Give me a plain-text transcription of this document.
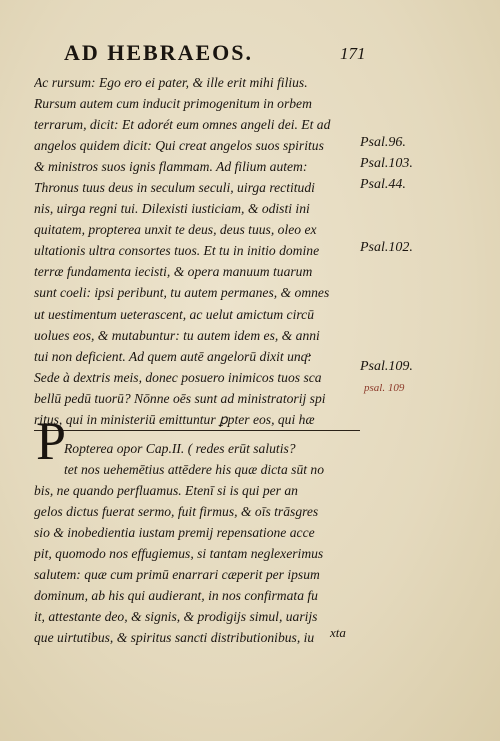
AD HEBRAEOS.	171
Ac rursum: Ego ero ei pater, & ille erit mihi filius.
Rursum autem cum inducit primogenitum in orbem
terrarum, dicit: Et adorét eum omnes angeli dei. Et ad
angelos quidem dicit: Qui creat angelos suos spiritus
& ministros suos ignis flammam. Ad filium autem:
Thronus tuus deus in seculum seculi, uirga rectitudi
nis, uirga regni tui. Dilexisti iusticiam, & odisti ini
quitatem, propterea unxit te deus, deus tuus, oleo ex
ultationis ultra consortes tuos. Et tu in initio domine
terræ fundamenta iecisti, & opera manuum tuarum
sunt coeli: ipsi peribunt, tu autem permanes, & omnes
ut uestimentum ueterascent, ac uelut amictum circū
uolues eos, & mutabuntur: tu autem idem es, & anni
tui non deficient. Ad quem autē angelorū dixit unqͣ:
Sede à dextris meis, donec posuero inimicos tuos sca
bellū pedū tuorū? Nōnne oēs sunt ad ministratorij spi
ritus, qui in ministeriū emittuntur ꝑpter eos, qui hæ
Ropterea opor Cap.II. ( redes erūt salutis?
tet nos uehemētius attēdere his quæ dicta sūt no
bis, ne quando perfluamus. Etenī si is qui per an
gelos dictus fuerat sermo, fuit firmus, & oīs trāsgres
sio & inobedientia iustam premij repensatione acce
pit, quomodo nos effugiemus, si tantam neglexerimus
salutem: quæ cum primū enarrari cæperit per ipsum
dominum, ab his qui audierant, in nos confirmata fu
it, attestante deo, & signis, & prodigijs simul, uarijs
que uirtutibus, & spiritus sancti distributionibus, iu
P
Psal.96.
Psal.103.
Psal.44.
Psal.102.
Psal.109.
psal. 109
xta
